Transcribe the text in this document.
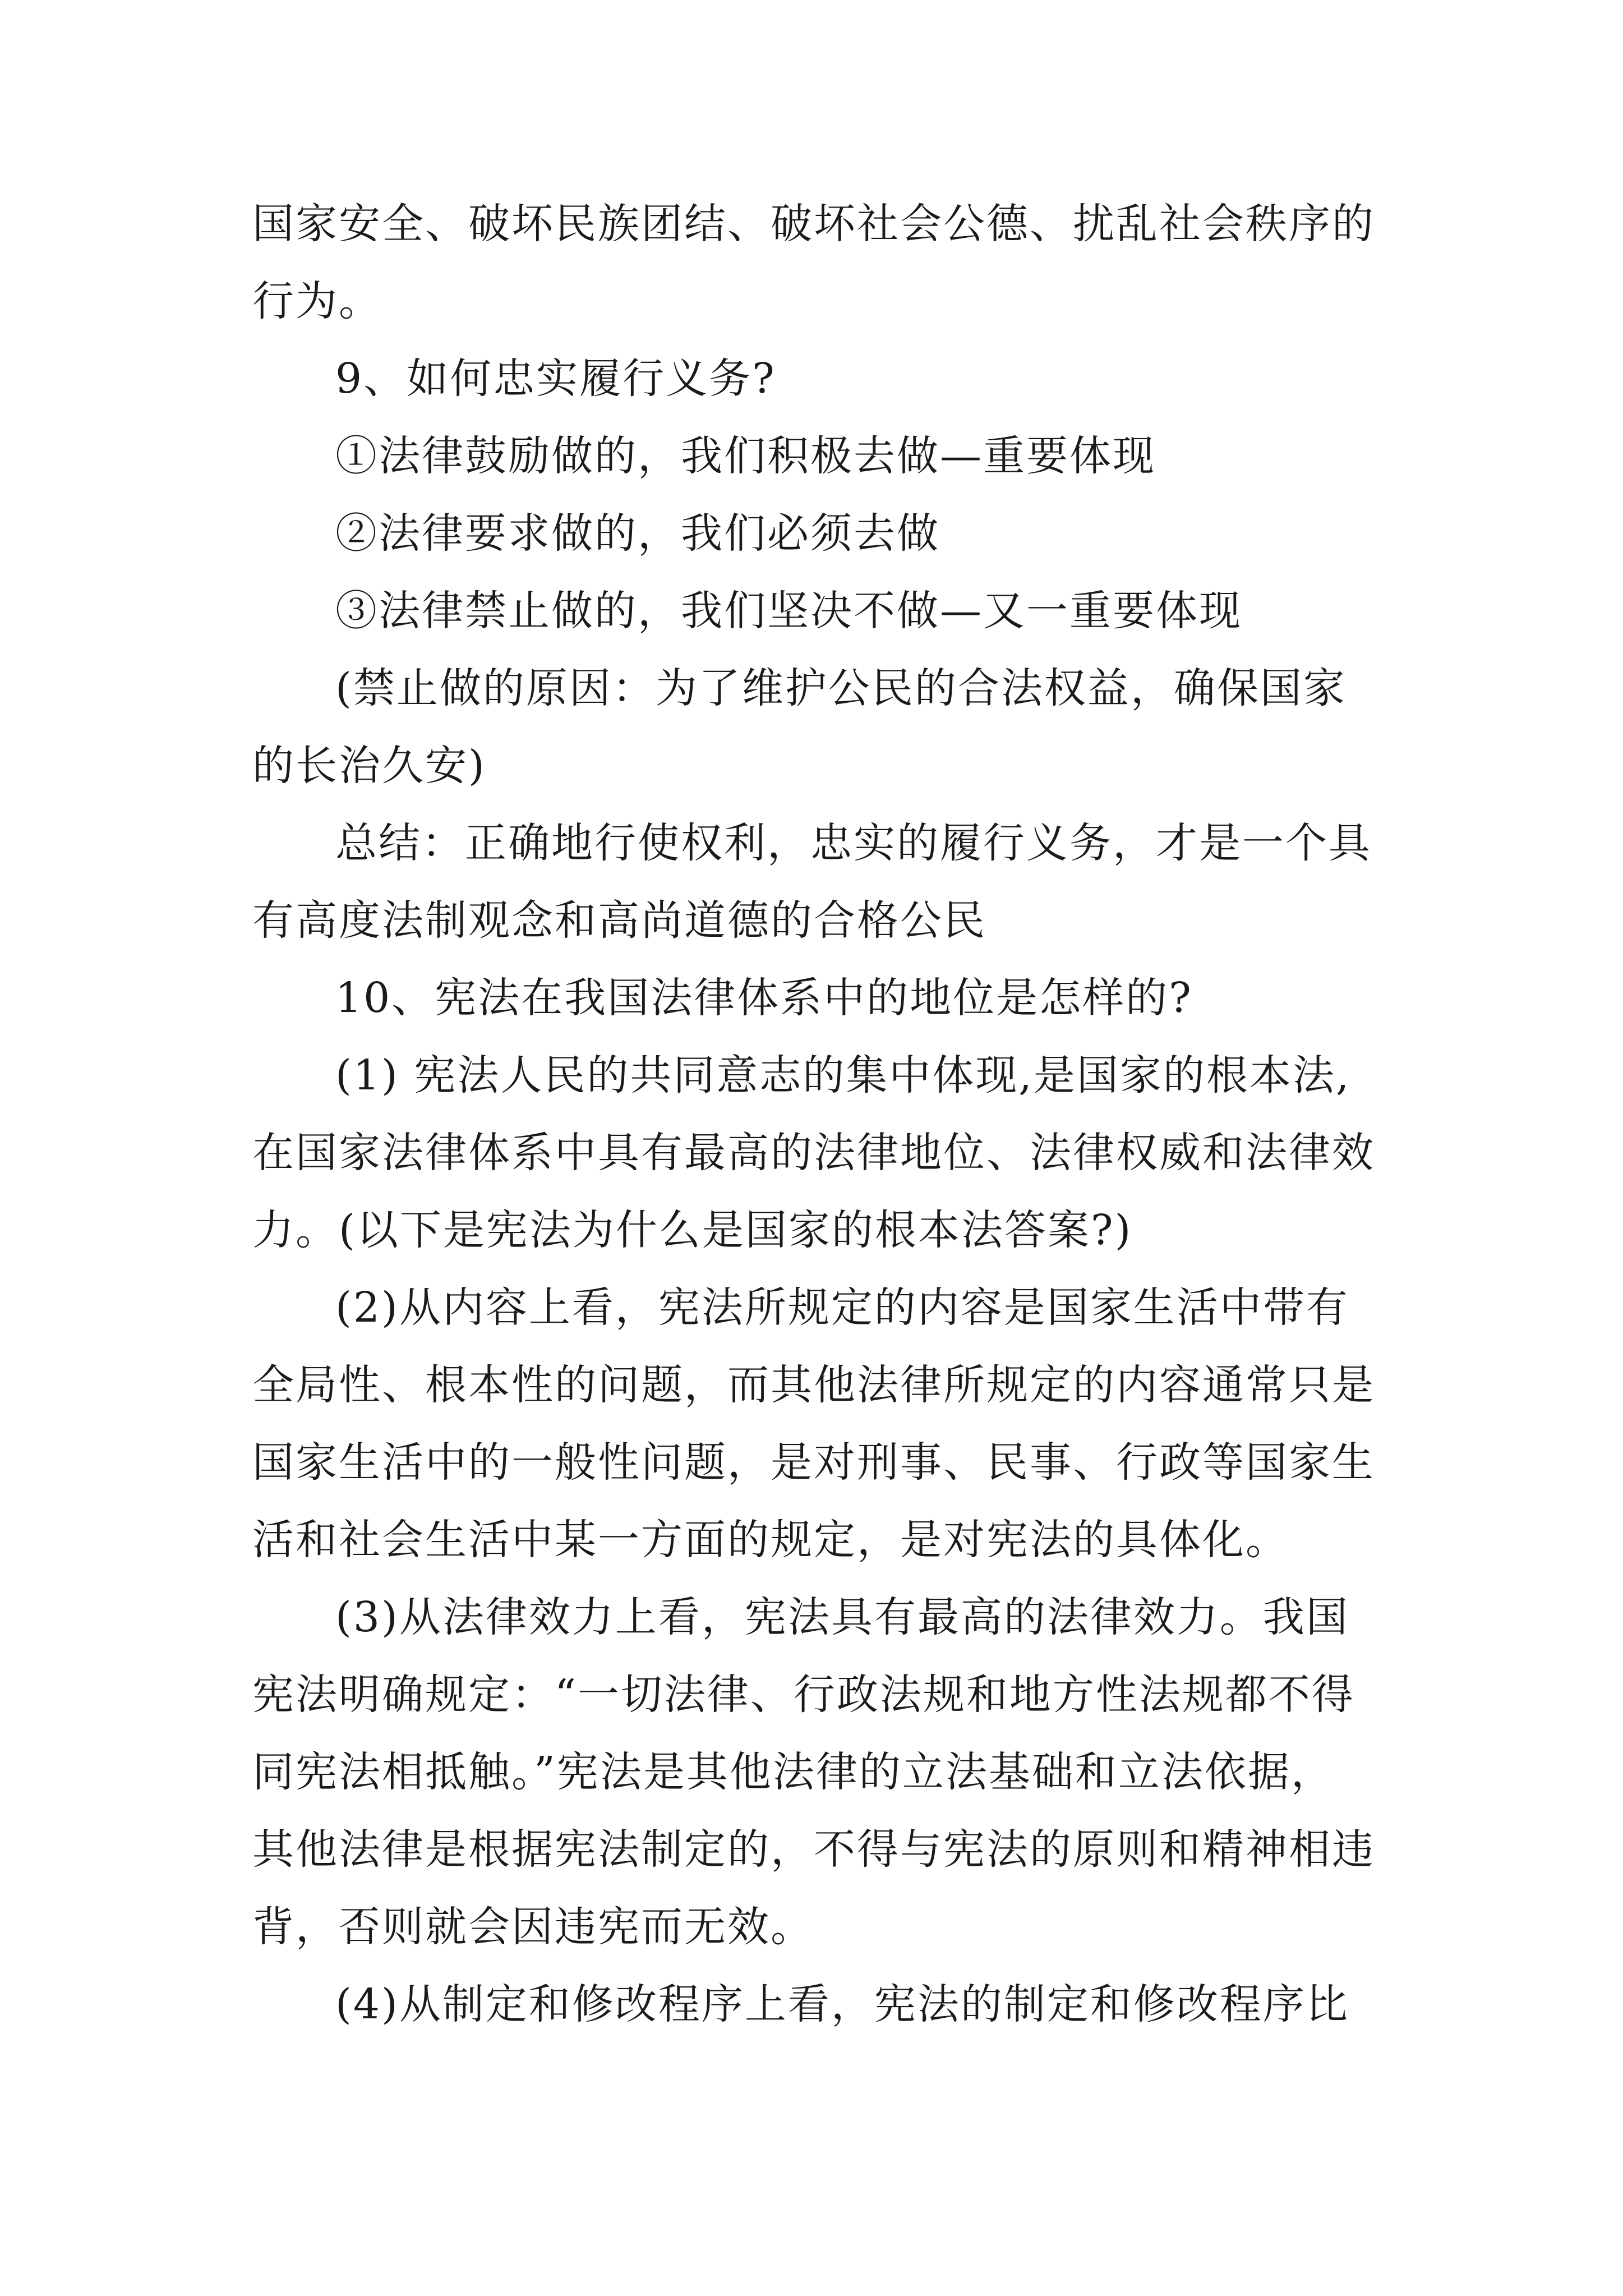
国家安全、破坏民族团结、破坏社会公德、扰乱社会秩序的
行为。
9、如何忠实履行义务?
①法律鼓励做的，我们积极去做—重要体现
②法律要求做的，我们必须去做
③法律禁止做的，我们坚决不做—又一重要体现
(禁止做的原因：为了维护公民的合法权益，确保国家
的长治久安)
总结：正确地行使权利，忠实的履行义务，才是一个具
有高度法制观念和高尚道德的合格公民
10、宪法在我国法律体系中的地位是怎样的?
(1) 宪法人民的共同意志的集中体现,是国家的根本法,
在国家法律体系中具有最高的法律地位、法律权威和法律效
力。(以下是宪法为什么是国家的根本法答案?)
(2)从内容上看，宪法所规定的内容是国家生活中带有
全局性、根本性的问题，而其他法律所规定的内容通常只是
国家生活中的一般性问题，是对刑事、民事、行政等国家生
活和社会生活中某一方面的规定，是对宪法的具体化。
(3)从法律效力上看，宪法具有最高的法律效力。我国
宪法明确规定：“一切法律、行政法规和地方性法规都不得
同宪法相抵触。”宪法是其他法律的立法基础和立法依据，
其他法律是根据宪法制定的，不得与宪法的原则和精神相违
背，否则就会因违宪而无效。
(4)从制定和修改程序上看，宪法的制定和修改程序比
